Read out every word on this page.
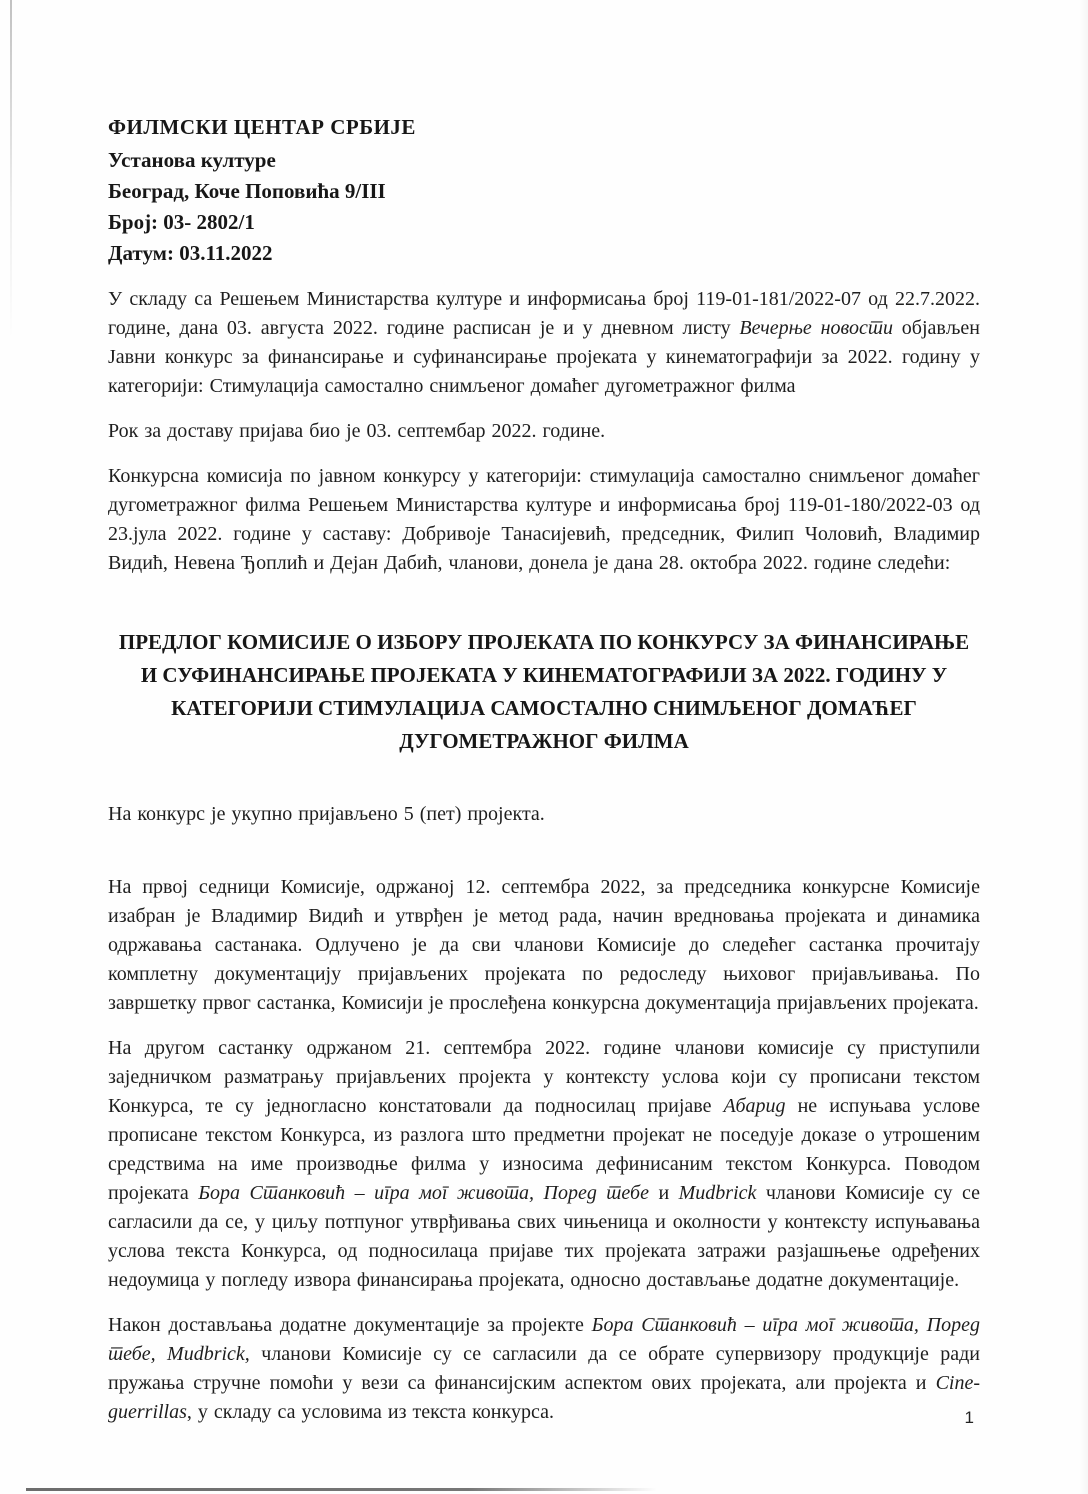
ФИЛМСКИ ЦЕНТАР СРБИЈЕ
Установа културе
Београд, Коче Поповића 9/III
Број: 03- 2802/1
Датум: 03.11.2022

У складу са Решењем Министарства културе и информисања број 119-01-181/2022-07 од 22.7.2022. године, дана 03. августа 2022. године расписан је и у дневном листу Вечерње новости објављен Јавни конкурс за финансирање и суфинансирање пројеката у кинематографији за 2022. годину у категорији: Стимулација самостално снимљеног домаћег дугометражног филма

Рок за доставу пријава био је 03. септембар 2022. године.

Конкурсна комисија по јавном конкурсу у категорији: стимулација самостално снимљеног домаћег дугометражног филма Решењем Министарства културе и информисања број 119-01-180/2022-03 од 23.јула 2022. године у саставу: Добривоје Танасијевић, председник, Филип Чоловић, Владимир Видић, Невена Ђоплић и Дејан Дабић, чланови, донела је дана 28. октобра 2022. године следећи:

ПРЕДЛОГ КОМИСИЈЕ О ИЗБОРУ ПРОЈЕКАТА ПО КОНКУРСУ ЗА ФИНАНСИРАЊЕ И СУФИНАНСИРАЊЕ ПРОЈЕКАТА У КИНЕМАТОГРАФИЈИ ЗА 2022. ГОДИНУ У КАТЕГОРИЈИ СТИМУЛАЦИЈА САМОСТАЛНО СНИМЉЕНОГ ДОМАЋЕГ ДУГОМЕТРАЖНОГ ФИЛМА

На конкурс је укупно пријављено 5 (пет) пројекта.

На првој седници Комисије, одржаној 12. септембра 2022, за председника конкурсне Комисије изабран је Владимир Видић и утврђен је метод рада, начин вредновања пројеката и динамика одржавања састанака. Одлучено је да сви чланови Комисије до следећег састанка прочитају комплетну документацију пријављених пројеката по редоследу њиховог пријављивања. По завршетку првог састанка, Комисији је прослеђена конкурсна документација пријављених пројеката.

На другом састанку одржаном 21. септембра 2022. године чланови комисије су приступили заједничком разматрању пријављених пројекта у контексту услова који су прописани текстом Конкурса, те су једногласно констатовали да подносилац пријаве Абарид не испуњава услове прописане текстом Конкурса, из разлога што предметни пројекат не поседује доказе о утрошеним средствима на име производње филма у износима дефинисаним текстом Конкурса. Поводом пројеката Бора Станковић – игра мог живота, Поред тебе и Mudbrick чланови Комисије су се сагласили да се, у циљу потпуног утврђивања свих чињеница и околности у контексту испуњавања услова текста Конкурса, од подносилаца пријаве тих пројеката затражи разјашњење одређених недоумица у погледу извора финансирања пројеката, односно достављање додатне документације.

Након достављања додатне документације за пројекте Бора Станковић – игра мог живота, Поред тебе, Mudbrick, чланови Комисије су се сагласили да се обрате супервизору продукције ради пружања стручне помоћи у вези са финансијским аспектом ових пројеката, али пројекта и Cine-guerrillas, у складу са условима из текста конкурса.	1
